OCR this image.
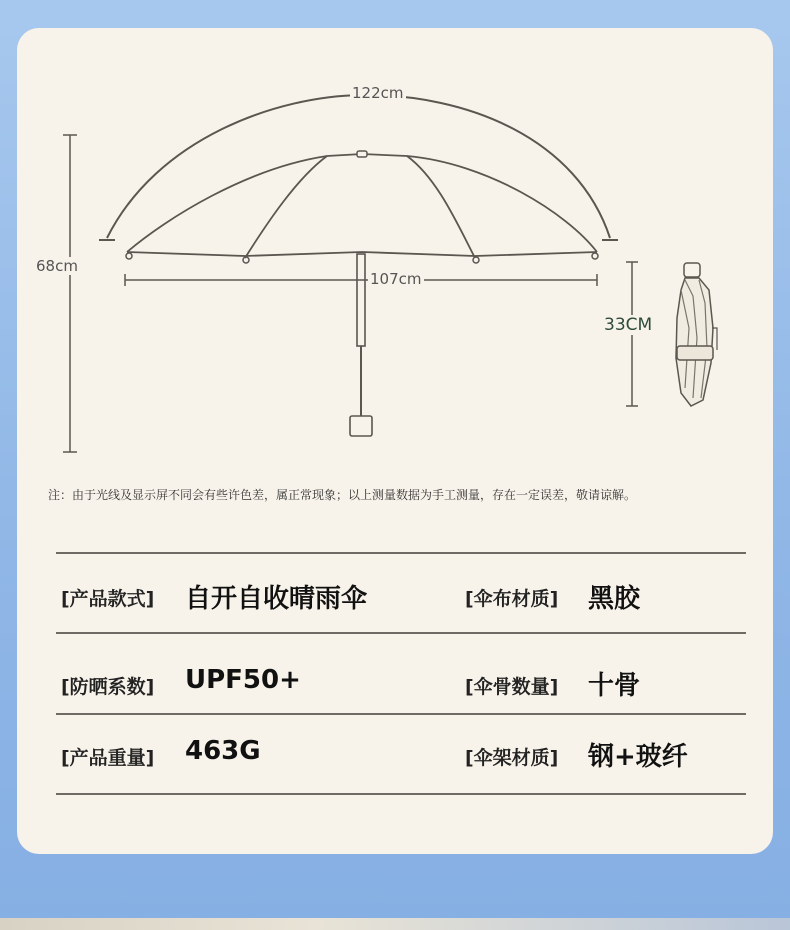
122cm
107cm
68cm
33CM
注：由于光线及显示屏不同会有些许色差，属正常现象；以上测量数据为手工测量，存在一定误差，敬请谅解。
[产品款式] 自开自收晴雨伞	[伞布材质] 黑胶
[防晒系数] UPF50+	[伞骨数量] 十骨
[产品重量] 463G	[伞架材质] 钢+玻纤
